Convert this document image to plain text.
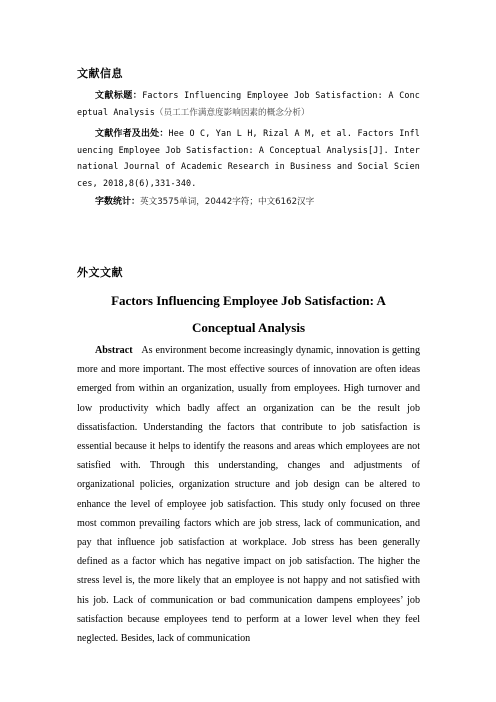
文献信息

文献标题：Factors Influencing Employee Job Satisfaction: A Conceptual Analysis（员工工作满意度影响因素的概念分析）

文献作者及出处：Hee O C, Yan L H, Rizal A M, et al. Factors Influencing Employee Job Satisfaction: A Conceptual Analysis[J]. International Journal of Academic Research in Business and Social Sciences, 2018,8(6),331-340.

字数统计：英文3575单词，20442字符；中文6162汉字

外文文献
Factors Influencing Employee Job Satisfaction: A
Conceptual Analysis

Abstract As environment become increasingly dynamic, innovation is getting more and more important. The most effective sources of innovation are often ideas emerged from within an organization, usually from employees. High turnover and low productivity which badly affect an organization can be the result job dissatisfaction. Understanding the factors that contribute to job satisfaction is essential because it helps to identify the reasons and areas which employees are not satisfied with. Through this understanding, changes and adjustments of organizational policies, organization structure and job design can be altered to enhance the level of employee job satisfaction. This study only focused on three most common prevailing factors which are job stress, lack of communication, and pay that influence job satisfaction at workplace. Job stress has been generally defined as a factor which has negative impact on job satisfaction. The higher the stress level is, the more likely that an employee is not happy and not satisfied with his job. Lack of communication or bad communication dampens employees’ job satisfaction because employees tend to perform at a lower level when they feel neglected. Besides, lack of communication
